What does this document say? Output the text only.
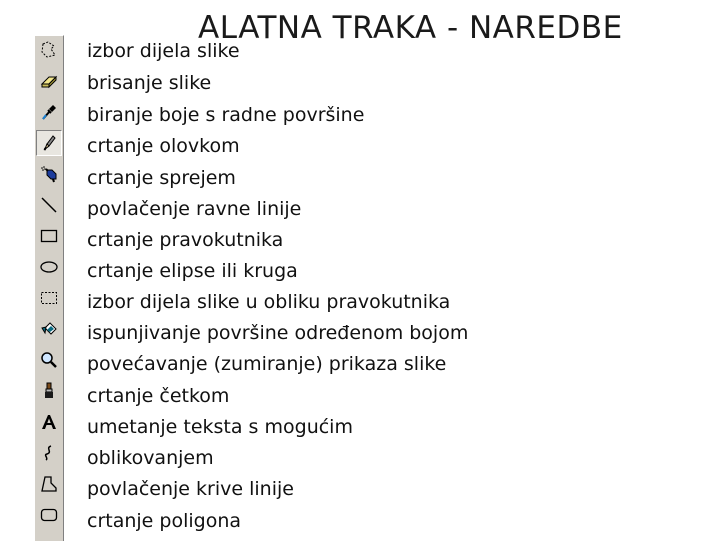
ALATNA TRAKA - NAREDBE
izbor dijela slike
brisanje slike
biranje boje s radne površine
crtanje olovkom
crtanje sprejem
povlačenje ravne linije
crtanje pravokutnika
crtanje elipse ili kruga
izbor dijela slike u obliku pravokutnika
ispunjivanje površine određenom bojom
povećavanje (zumiranje) prikaza slike
crtanje četkom
umetanje teksta s mogućim
oblikovanjem
povlačenje krive linije
crtanje poligona
